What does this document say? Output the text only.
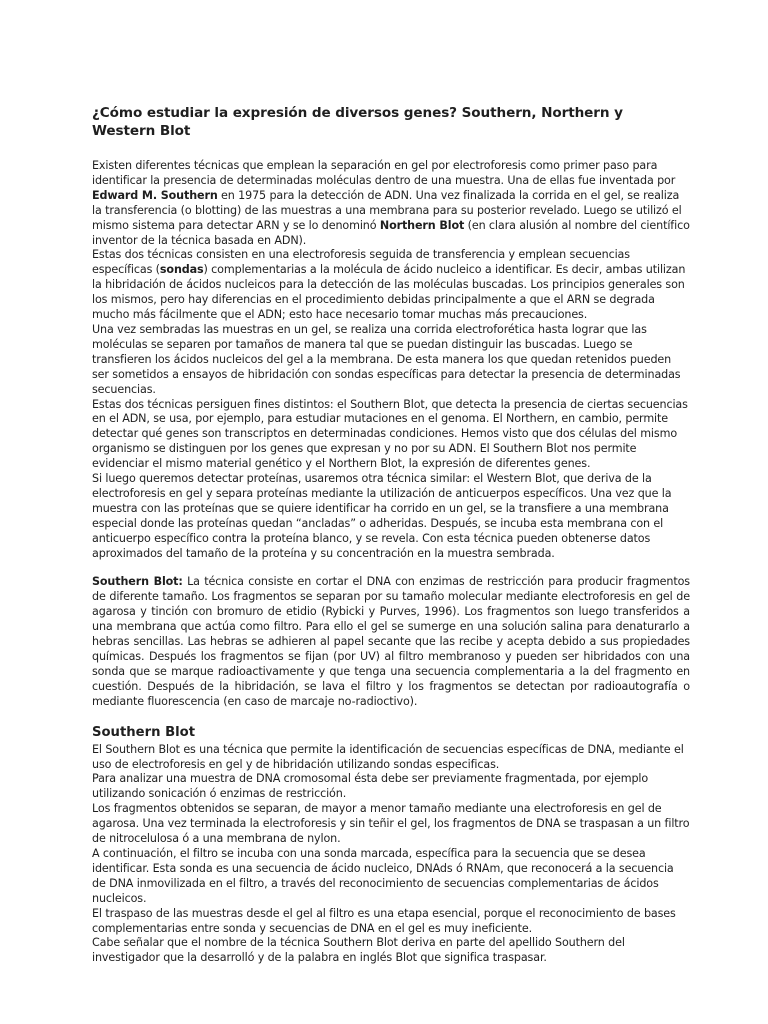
¿Cómo estudiar la expresión de diversos genes? Southern, Northern y Western Blot

Existen diferentes técnicas que emplean la separación en gel por electroforesis como primer paso para identificar la presencia de determinadas moléculas dentro de una muestra. Una de ellas fue inventada por Edward M. Southern en 1975 para la detección de ADN. Una vez finalizada la corrida en el gel, se realiza la transferencia (o blotting) de las muestras a una membrana para su posterior revelado. Luego se utilizó el mismo sistema para detectar ARN y se lo denominó Northern Blot (en clara alusión al nombre del científico inventor de la técnica basada en ADN).

Estas dos técnicas consisten en una electroforesis seguida de transferencia y emplean secuencias específicas (sondas) complementarias a la molécula de ácido nucleico a identificar. Es decir, ambas utilizan la hibridación de ácidos nucleicos para la detección de las moléculas buscadas. Los principios generales son los mismos, pero hay diferencias en el procedimiento debidas principalmente a que el ARN se degrada mucho más fácilmente que el ADN; esto hace necesario tomar muchas más precauciones.

Una vez sembradas las muestras en un gel, se realiza una corrida electroforética hasta lograr que las moléculas se separen por tamaños de manera tal que se puedan distinguir las buscadas. Luego se transfieren los ácidos nucleicos del gel a la membrana. De esta manera los que quedan retenidos pueden ser sometidos a ensayos de hibridación con sondas específicas para detectar la presencia de determinadas secuencias.

Estas dos técnicas persiguen fines distintos: el Southern Blot, que detecta la presencia de ciertas secuencias en el ADN, se usa, por ejemplo, para estudiar mutaciones en el genoma. El Northern, en cambio, permite detectar qué genes son transcriptos en determinadas condiciones. Hemos visto que dos células del mismo organismo se distinguen por los genes que expresan y no por su ADN. El Southern Blot nos permite evidenciar el mismo material genético y el Northern Blot, la expresión de diferentes genes.

Si luego queremos detectar proteínas, usaremos otra técnica similar: el Western Blot, que deriva de la electroforesis en gel y separa proteínas mediante la utilización de anticuerpos específicos. Una vez que la muestra con las proteínas que se quiere identificar ha corrido en un gel, se la transfiere a una membrana especial donde las proteínas quedan “ancladas” o adheridas. Después, se incuba esta membrana con el anticuerpo específico contra la proteína blanco, y se revela. Con esta técnica pueden obtenerse datos aproximados del tamaño de la proteína y su concentración en la muestra sembrada.

Southern Blot: La técnica consiste en cortar el DNA con enzimas de restricción para producir fragmentos de diferente tamaño. Los fragmentos se separan por su tamaño molecular mediante electroforesis en gel de agarosa y tinción con bromuro de etidio (Rybicki y Purves, 1996). Los fragmentos son luego transferidos a una membrana que actúa como filtro. Para ello el gel se sumerge en una solución salina para denaturarlo a hebras sencillas. Las hebras se adhieren al papel secante que las recibe y acepta debido a sus propiedades químicas. Después los fragmentos se fijan (por UV) al filtro membranoso y pueden ser hibridados con una sonda que se marque radioactivamente y que tenga una secuencia complementaria a la del fragmento en cuestión. Después de la hibridación, se lava el filtro y los fragmentos se detectan por radioautografía o mediante fluorescencia (en caso de marcaje no-radioctivo).

Southern Blot

El Southern Blot es una técnica que permite la identificación de secuencias específicas de DNA, mediante el uso de electroforesis en gel y de hibridación utilizando sondas especificas.

Para analizar una muestra de DNA cromosomal ésta debe ser previamente fragmentada, por ejemplo utilizando sonicación ó enzimas de restricción.

Los fragmentos obtenidos se separan, de mayor a menor tamaño mediante una electroforesis en gel de agarosa. Una vez terminada la electroforesis y sin teñir el gel, los fragmentos de DNA se traspasan a un filtro de nitrocelulosa ó a una membrana de nylon.

A continuación, el filtro se incuba con una sonda marcada, específica para la secuencia que se desea identificar. Esta sonda es una secuencia de ácido nucleico, DNAds ó RNAm, que reconocerá a la secuencia de DNA inmovilizada en el filtro, a través del reconocimiento de secuencias complementarias de ácidos nucleicos.

El traspaso de las muestras desde el gel al filtro es una etapa esencial, porque el reconocimiento de bases complementarias entre sonda y secuencias de DNA en el gel es muy ineficiente.

Cabe señalar que el nombre de la técnica Southern Blot deriva en parte del apellido Southern del investigador que la desarrolló y de la palabra en inglés Blot que significa traspasar.
